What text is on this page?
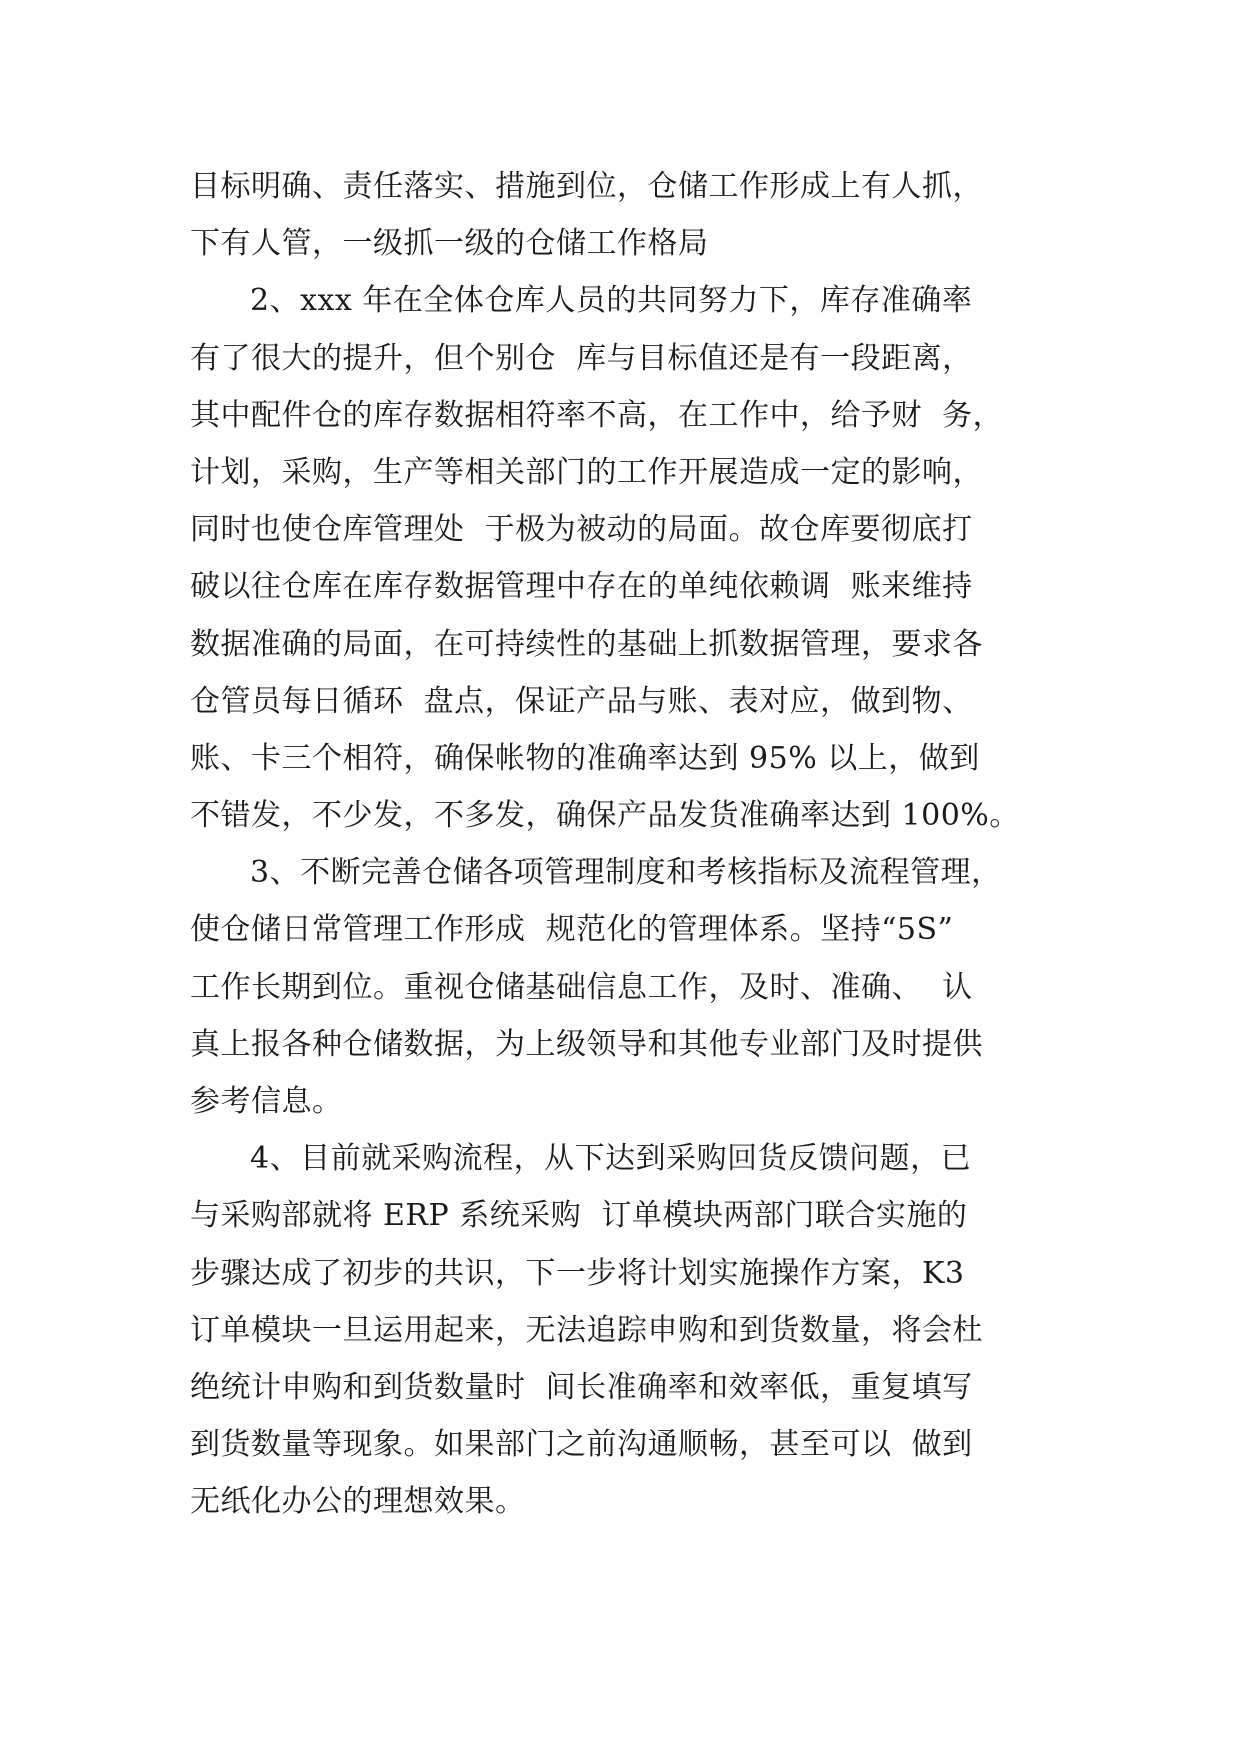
目标明确、责任落实、措施到位，仓储工作形成上有人抓，
下有人管，一级抓一级的仓储工作格局
2、xxx 年在全体仓库人员的共同努力下，库存准确率
有了很大的提升，但个别仓  库与目标值还是有一段距离，
其中配件仓的库存数据相符率不高，在工作中，给予财  务，
计划，采购，生产等相关部门的工作开展造成一定的影响，
同时也使仓库管理处  于极为被动的局面。故仓库要彻底打
破以往仓库在库存数据管理中存在的单纯依赖调  账来维持
数据准确的局面，在可持续性的基础上抓数据管理，要求各
仓管员每日循环  盘点，保证产品与账、表对应，做到物、
账、卡三个相符，确保帐物的准确率达到 95% 以上，做到
不错发，不少发，不多发，确保产品发货准确率达到 100%。
3、不断完善仓储各项管理制度和考核指标及流程管理，
使仓储日常管理工作形成  规范化的管理体系。坚持“5S”
工作长期到位。重视仓储基础信息工作，及时、准确、  认
真上报各种仓储数据，为上级领导和其他专业部门及时提供
参考信息。
4、目前就采购流程，从下达到采购回货反馈问题，已
与采购部就将 ERP 系统采购  订单模块两部门联合实施的
步骤达成了初步的共识，下一步将计划实施操作方案，K3
订单模块一旦运用起来，无法追踪申购和到货数量，将会杜
绝统计申购和到货数量时  间长准确率和效率低，重复填写
到货数量等现象。如果部门之前沟通顺畅，甚至可以  做到
无纸化办公的理想效果。
